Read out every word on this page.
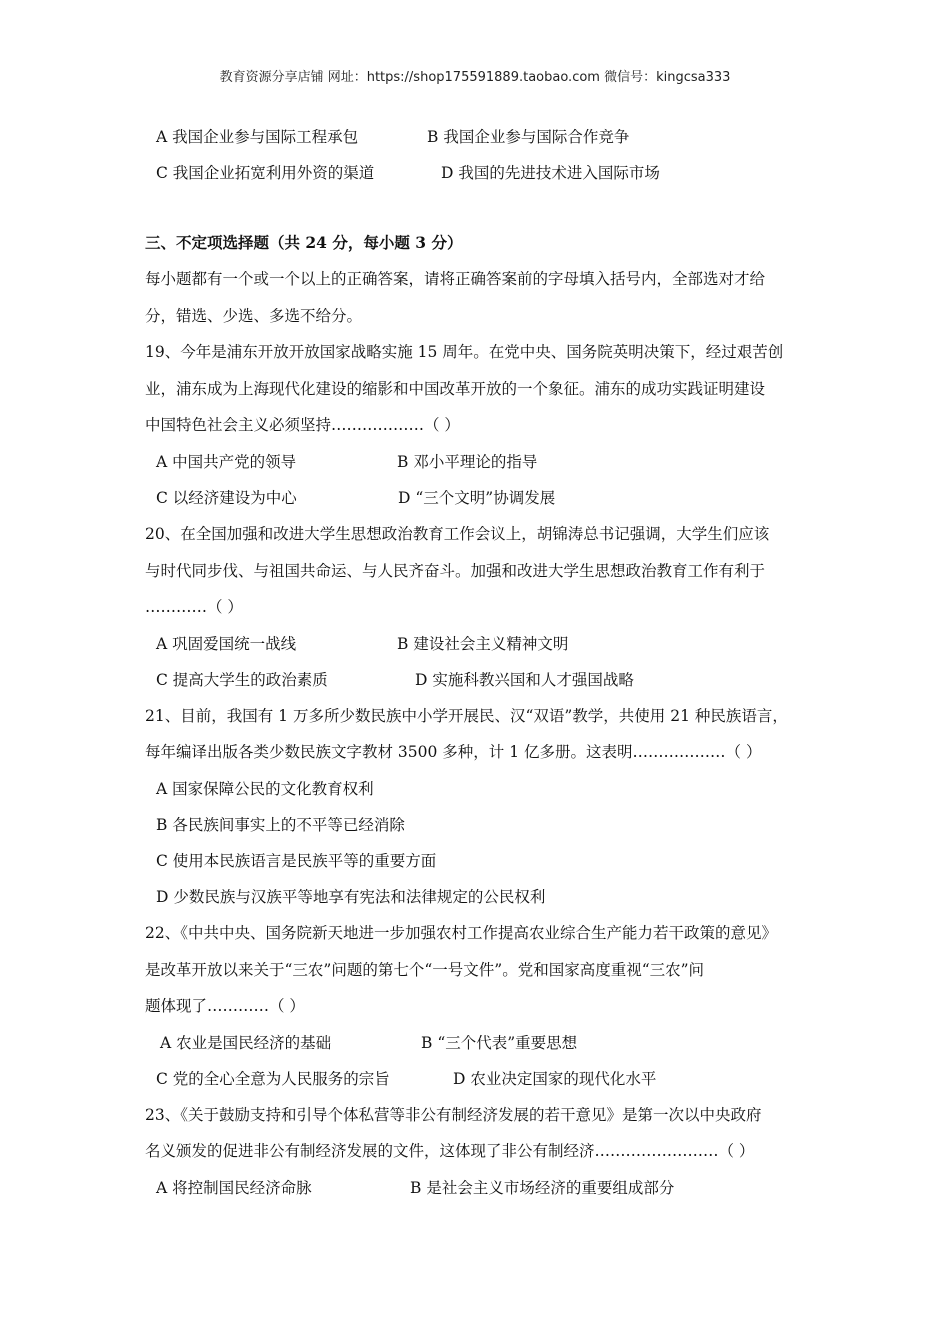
教育资源分享店铺 网址：https://shop175591889.taobao.com 微信号：kingcsa333
A 我国企业参与国际工程承包	B 我国企业参与国际合作竞争
C 我国企业拓宽利用外资的渠道	D 我国的先进技术进入国际市场
三、不定项选择题（共 24 分，每小题 3 分）
每小题都有一个或一个以上的正确答案，请将正确答案前的字母填入括号内，全部选对才给
分，错选、少选、多选不给分。
19、今年是浦东开放开放国家战略实施 15 周年。在党中央、国务院英明决策下，经过艰苦创
业，浦东成为上海现代化建设的缩影和中国改革开放的一个象征。浦东的成功实践证明建设
中国特色社会主义必须坚持………………（ ）
A 中国共产党的领导	B 邓小平理论的指导
C 以经济建设为中心	D “三个文明”协调发展
20、在全国加强和改进大学生思想政治教育工作会议上，胡锦涛总书记强调，大学生们应该
与时代同步伐、与祖国共命运、与人民齐奋斗。加强和改进大学生思想政治教育工作有利于
…………（ ）
A 巩固爱国统一战线	B 建设社会主义精神文明
C 提高大学生的政治素质	D 实施科教兴国和人才强国战略
21、目前，我国有 1 万多所少数民族中小学开展民、汉“双语”教学，共使用 21 种民族语言，
每年编译出版各类少数民族文字教材 3500 多种，计 1 亿多册。这表明………………（ ）
A 国家保障公民的文化教育权利
B 各民族间事实上的不平等已经消除
C 使用本民族语言是民族平等的重要方面
D 少数民族与汉族平等地享有宪法和法律规定的公民权利
22、《中共中央、国务院新天地进一步加强农村工作提高农业综合生产能力若干政策的意见》
是改革开放以来关于“三农”问题的第七个“一号文件”。党和国家高度重视“三农”问
题体现了…………（ ）
A 农业是国民经济的基础	B “三个代表”重要思想
C 党的全心全意为人民服务的宗旨	D 农业决定国家的现代化水平
23、《关于鼓励支持和引导个体私营等非公有制经济发展的若干意见》是第一次以中央政府
名义颁发的促进非公有制经济发展的文件，这体现了非公有制经济……………………（ ）
A 将控制国民经济命脉	B 是社会主义市场经济的重要组成部分
